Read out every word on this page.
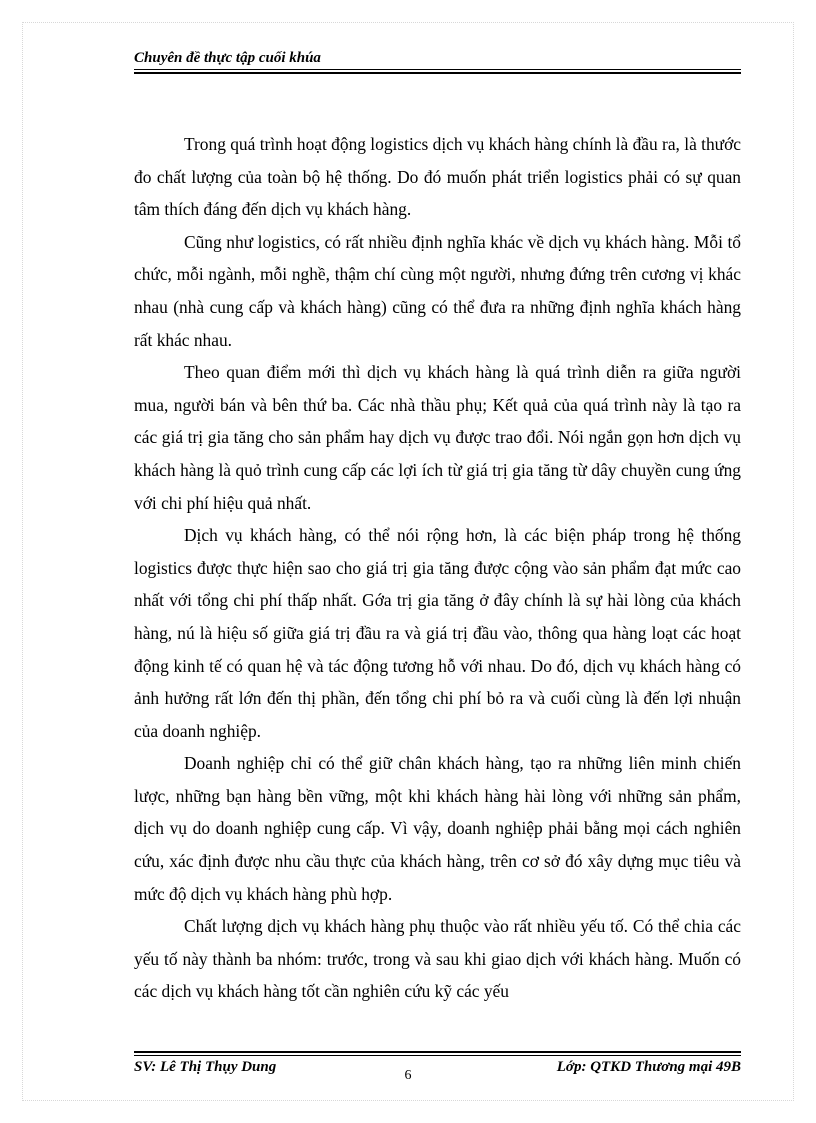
Chuyên đề thực tập cuối khúa

Trong quá trình hoạt động logistics dịch vụ khách hàng chính là đầu ra, là thước đo chất lượng của toàn bộ hệ thống. Do đó muốn phát triển logistics phải có sự quan tâm thích đáng đến dịch vụ khách hàng.

Cũng như logistics, có rất nhiều định nghĩa khác về dịch vụ khách hàng. Mỗi tổ chức, mỗi ngành, mỗi nghề, thậm chí cùng một người, nhưng đứng trên cương vị khác nhau (nhà cung cấp và khách hàng) cũng có thể đưa ra những định nghĩa khách hàng rất khác nhau.

Theo quan điểm mới thì dịch vụ khách hàng là quá trình diễn ra giữa người mua, người bán và bên thứ ba. Các nhà thầu phụ; Kết quả của quá trình này là tạo ra các giá trị gia tăng cho sản phẩm hay dịch vụ được trao đổi. Nói ngắn gọn hơn dịch vụ khách hàng là quỏ trình cung cấp các lợi ích từ giá trị gia tăng từ dây chuyền cung ứng với chi phí hiệu quả nhất.

Dịch vụ khách hàng, có thể nói rộng hơn, là các biện pháp trong hệ thống logistics được thực hiện sao cho giá trị gia tăng được cộng vào sản phẩm đạt mức cao nhất với tổng chi phí thấp nhất. Gớa trị gia tăng ở đây chính là sự hài lòng của khách hàng, nú là hiệu số giữa giá trị đầu ra và giá trị đầu vào, thông qua hàng loạt các hoạt động kinh tế có quan hệ và tác động tương hỗ với nhau. Do đó, dịch vụ khách hàng có ảnh hưởng rất lớn đến thị phần, đến tổng chi phí bỏ ra và cuối cùng là đến lợi nhuận của doanh nghiệp.

Doanh nghiệp chỉ có thể giữ chân khách hàng, tạo ra những liên minh chiến lược, những bạn hàng bền vững, một khi khách hàng hài lòng với những sản phẩm, dịch vụ do doanh nghiệp cung cấp. Vì vậy, doanh nghiệp phải bằng mọi cách nghiên cứu, xác định được nhu cầu thực của khách hàng, trên cơ sở đó xây dựng mục tiêu và mức độ dịch vụ khách hàng phù hợp.

Chất lượng dịch vụ khách hàng phụ thuộc vào rất nhiều yếu tố. Có thể chia các yếu tố này thành ba nhóm: trước, trong và sau khi giao dịch với khách hàng. Muốn có các dịch vụ khách hàng tốt cần nghiên cứu kỹ các yếu

SV: Lê Thị Thụy Dung	Lớp: QTKD Thương mại 49B
6
